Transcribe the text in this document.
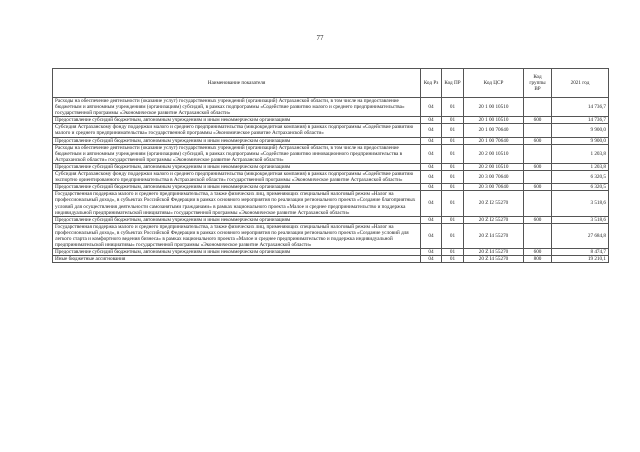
77
Наименование показателя	Код Рз	Код ПР	Код ЦСР	Код группы ВР	2021 год
Расходы на обеспечение деятельности (оказание услуг) государственных учреждений (организаций) Астраханской области, в том числе на предоставление бюджетным и автономным учреждениям (организациям) субсидий, в рамках подпрограммы «Содействие развитию малого и среднего предпринимательства» государственной программы «Экономическое развитие Астраханской области»	04	01	20 1 00 10510		14 736,7
Предоставление субсидий бюджетным, автономным учреждениям и иным некоммерческим организациям	04	01	20 1 00 10510	600	14 736,7
Субсидия Астраханскому фонду поддержки малого и среднего предпринимательства (микрокредитная компания) в рамках подпрограммы «Содействие развитию малого и среднего предпринимательства» государственной программы «Экономическое развитие Астраханской области»	04	01	20 1 00 70640		9 900,0
Предоставление субсидий бюджетным, автономным учреждениям и иным некоммерческим организациям	04	01	20 1 00 70640	600	9 900,0
Расходы на обеспечение деятельности (оказание услуг) государственных учреждений (организаций) Астраханской области, в том числе на предоставление бюджетным и автономным учреждениям (организациям) субсидий, в рамках подпрограммы «Содействие развитию инновационного предпринимательства в Астраханской области» государственной программы «Экономическое развитие Астраханской области»	04	01	20 2 00 10510		1 203,8
Предоставление субсидий бюджетным, автономным учреждениям и иным некоммерческим организациям	04	01	20 2 00 10510	600	1 203,8
Субсидия Астраханскому фонду поддержки малого и среднего предпринимательства (микрокредитная компания) в рамках подпрограммы «Содействие развитию экспортно ориентированного предпринимательства в Астраханской области» государственной программы «Экономическое развитие Астраханской области»	04	01	20 3 00 70640		6 320,5
Предоставление субсидий бюджетным, автономным учреждениям и иным некоммерческим организациям	04	01	20 3 00 70640	600	6 320,5
Государственная поддержка малого и среднего предпринимательства, а также физических лиц, применяющих специальный налоговый режим «Налог на профессиональный доход», в субъектах Российской Федерации в рамках основного мероприятия по реализации регионального проекта «Создание благоприятных условий для осуществления деятельности самозанятыми гражданами» в рамках национального проекта «Малое и среднее предпринимательство и поддержка индивидуальной предпринимательской инициативы» государственной программы «Экономическое развитие Астраханской области»	04	01	20 Z I2 55270		3 518,6
Предоставление субсидий бюджетным, автономным учреждениям и иным некоммерческим организациям	04	01	20 Z I2 55270	600	3 518,6
Государственная поддержка малого и среднего предпринимательства, а также физических лиц, применяющих специальный налоговый режим «Налог на профессиональный доход», в субъектах Российской Федерации в рамках основного мероприятия по реализации регионального проекта «Создание условий для легкого старта и комфортного ведения бизнеса» в рамках национального проекта «Малое и среднее предпринимательство и поддержка индивидуальной предпринимательской инициативы» государственной программы «Экономическое развитие Астраханской области»	04	01	20 Z I4 55270		27 684,8
Предоставление субсидий бюджетным, автономным учреждениям и иным некоммерческим организациям	04	01	20 Z I4 55270	600	8 474,7
Иные бюджетные ассигнования	04	01	20 Z I4 55270	800	19 210,1
